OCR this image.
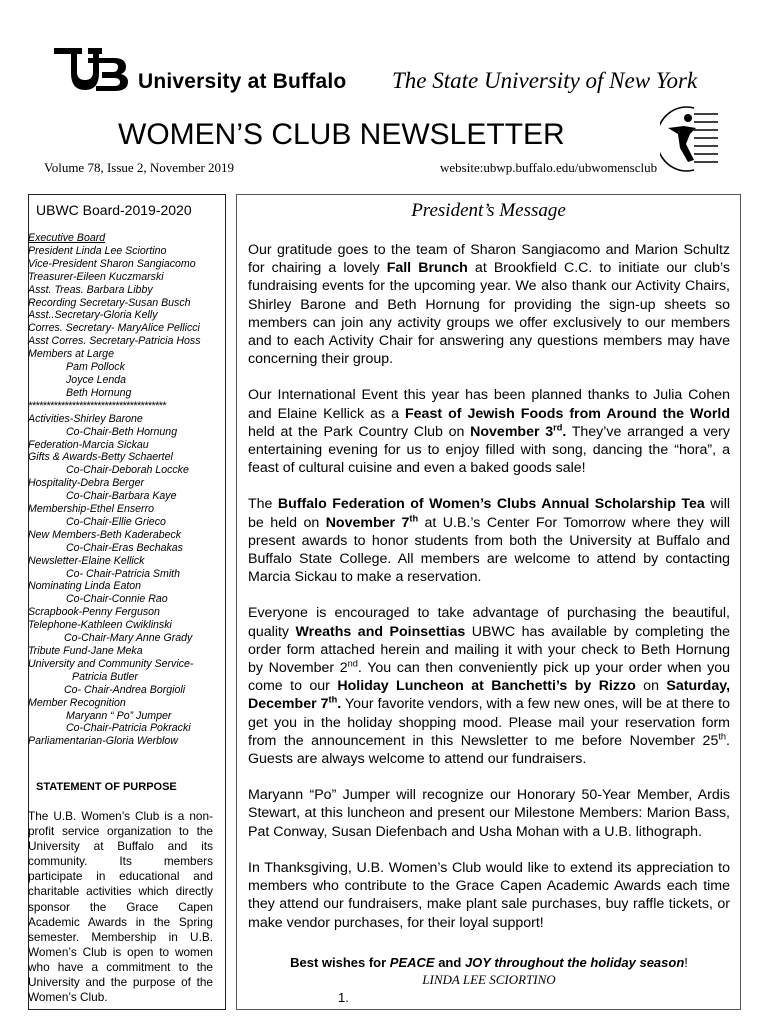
University at Buffalo The State University of New York
WOMEN’S CLUB NEWSLETTER
Volume 78, Issue 2, November 2019	website:ubwp.buffalo.edu/ubwomensclub
UBWC Board-2019-2020
Executive Board
President Linda Lee Sciortino
Vice-President Sharon Sangiacomo
Treasurer-Eileen Kuczmarski
Asst. Treas. Barbara Libby
Recording Secretary-Susan Busch
Asst..Secretary-Gloria Kelly
Corres. Secretary- MaryAlice Pellicci
Asst Corres. Secretary-Patricia Hoss
Members at Large
Pam Pollock
Joyce Lenda
Beth Hornung
**************************************
Activities-Shirley Barone
Co-Chair-Beth Hornung
Federation-Marcia Sickau
Gifts & Awards-Betty Schaertel
Co-Chair-Deborah Loccke
Hospitality-Debra Berger
Co-Chair-Barbara Kaye
Membership-Ethel Enserro
Co-Chair-Ellie Grieco
New Members-Beth Kaderabeck
Co-Chair-Eras Bechakas
Newsletter-Elaine Kellick
Co- Chair-Patricia Smith
Nominating Linda Eaton
Co-Chair-Connie Rao
Scrapbook-Penny Ferguson
Telephone-Kathleen Cwiklinski
Co-Chair-Mary Anne Grady
Tribute Fund-Jane Meka
University and Community Service-
Patricia Butler
Co- Chair-Andrea Borgioli
Member Recognition
Maryann “ Po” Jumper
Co-Chair-Patricia Pokracki
Parliamentarian-Gloria Werblow
STATEMENT OF PURPOSE
The U.B. Women’s Club is a non-profit service organization to the University at Buffalo and its community. Its members participate in educational and charitable activities which directly sponsor the Grace Capen Academic Awards in the Spring semester. Membership in U.B. Women’s Club is open to women who have a commitment to the University and the purpose of the Women’s Club.
President’s Message

Our gratitude goes to the team of Sharon Sangiacomo and Marion Schultz for chairing a lovely Fall Brunch at Brookfield C.C. to initiate our club’s fundraising events for the upcoming year. We also thank our Activity Chairs, Shirley Barone and Beth Hornung for providing the sign-up sheets so members can join any activity groups we offer exclusively to our members and to each Activity Chair for answering any questions members may have concerning their group.

Our International Event this year has been planned thanks to Julia Cohen and Elaine Kellick as a Feast of Jewish Foods from Around the World held at the Park Country Club on November 3rd. They’ve arranged a very entertaining evening for us to enjoy filled with song, dancing the “hora”, a feast of cultural cuisine and even a baked goods sale!

The Buffalo Federation of Women’s Clubs Annual Scholarship Tea will be held on November 7th at U.B.’s Center For Tomorrow where they will present awards to honor students from both the University at Buffalo and Buffalo State College. All members are welcome to attend by contacting Marcia Sickau to make a reservation.

Everyone is encouraged to take advantage of purchasing the beautiful, quality Wreaths and Poinsettias UBWC has available by completing the order form attached herein and mailing it with your check to Beth Hornung by November 2nd. You can then conveniently pick up your order when you come to our Holiday Luncheon at Banchetti’s by Rizzo on Saturday, December 7th. Your favorite vendors, with a few new ones, will be at there to get you in the holiday shopping mood. Please mail your reservation form from the announcement in this Newsletter to me before November 25th. Guests are always welcome to attend our fundraisers.

Maryann “Po” Jumper will recognize our Honorary 50-Year Member, Ardis Stewart, at this luncheon and present our Milestone Members: Marion Bass, Pat Conway, Susan Diefenbach and Usha Mohan with a U.B. lithograph.

In Thanksgiving, U.B. Women’s Club would like to extend its appreciation to members who contribute to the Grace Capen Academic Awards each time they attend our fundraisers, make plant sale purchases, buy raffle tickets, or make vendor purchases, for their loyal support!

Best wishes for PEACE and JOY throughout the holiday season!
LINDA LEE SCIORTINO
1.
